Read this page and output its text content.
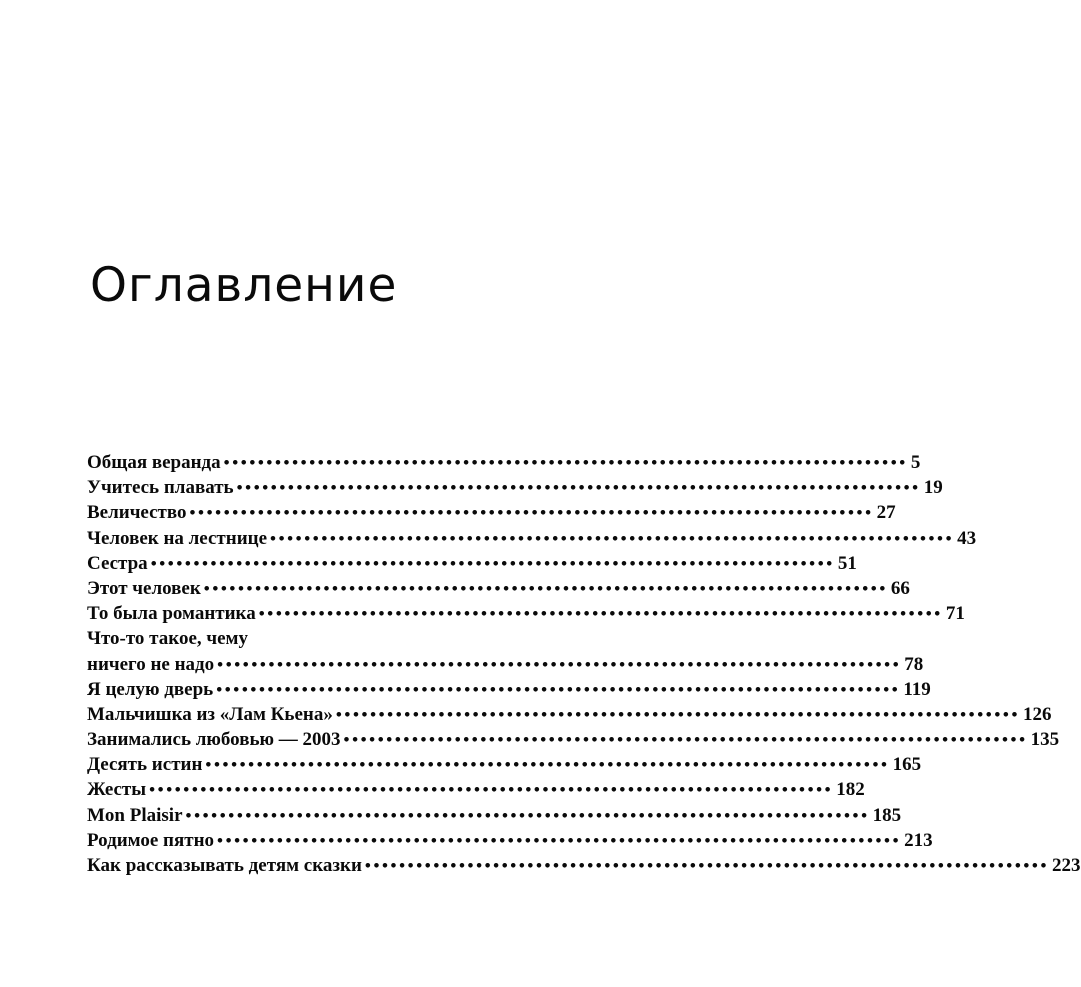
Оглавление
Общая веранда •••••••••••••••••••••••••••••••••••••••••••••••••••••••••••••••••••••••••••••••• 5
Учитесь плавать •••••••••••••••••••••••••••••••••••••••••••••••••••••••••••••••••••••••••••••••• 19
Величество •••••••••••••••••••••••••••••••••••••••••••••••••••••••••••••••••••••••••••••••• 27
Человек на лестнице •••••••••••••••••••••••••••••••••••••••••••••••••••••••••••••••••••••••••••••••• 43
Сестра •••••••••••••••••••••••••••••••••••••••••••••••••••••••••••••••••••••••••••••••• 51
Этот человек •••••••••••••••••••••••••••••••••••••••••••••••••••••••••••••••••••••••••••••••• 66
То была романтика •••••••••••••••••••••••••••••••••••••••••••••••••••••••••••••••••••••••••••••••• 71
Что-то такое, чему
ничего не надо •••••••••••••••••••••••••••••••••••••••••••••••••••••••••••••••••••••••••••••••• 78
Я целую дверь •••••••••••••••••••••••••••••••••••••••••••••••••••••••••••••••••••••••••••••••• 119
Мальчишка из «Лам Кьена» •••••••••••••••••••••••••••••••••••••••••••••••••••••••••••••••••••••••••••••••• 126
Занимались любовью — 2003 •••••••••••••••••••••••••••••••••••••••••••••••••••••••••••••••••••••••••••••••• 135
Десять истин •••••••••••••••••••••••••••••••••••••••••••••••••••••••••••••••••••••••••••••••• 165
Жесты •••••••••••••••••••••••••••••••••••••••••••••••••••••••••••••••••••••••••••••••• 182
Mon Plaisir •••••••••••••••••••••••••••••••••••••••••••••••••••••••••••••••••••••••••••••••• 185
Родимое пятно •••••••••••••••••••••••••••••••••••••••••••••••••••••••••••••••••••••••••••••••• 213
Как рассказывать детям сказки •••••••••••••••••••••••••••••••••••••••••••••••••••••••••••••••••••••••••••••••• 223
